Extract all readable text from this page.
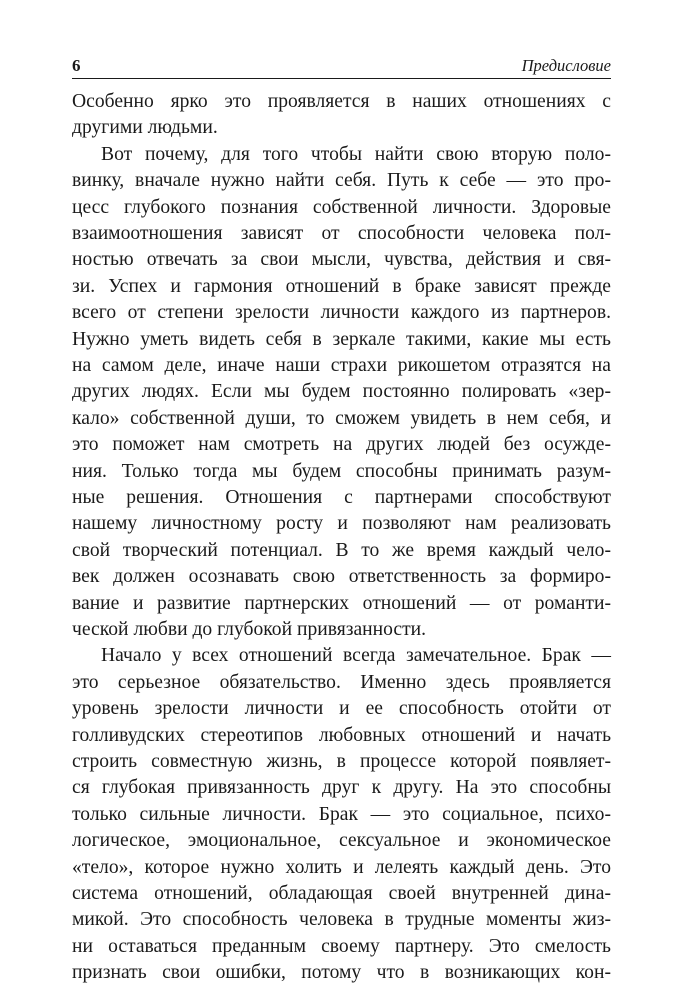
6	Предисловие
Особенно ярко это проявляется в наших отношениях с
другими людьми.
Вот почему, для того чтобы найти свою вторую поло-
винку, вначале нужно найти себя. Путь к себе — это про-
цесс глубокого познания собственной личности. Здоровые
взаимоотношения зависят от способности человека пол-
ностью отвечать за свои мысли, чувства, действия и свя-
зи. Успех и гармония отношений в браке зависят прежде
всего от степени зрелости личности каждого из партнеров.
Нужно уметь видеть себя в зеркале такими, какие мы есть
на самом деле, иначе наши страхи рикошетом отразятся на
других людях. Если мы будем постоянно полировать «зер-
кало» собственной души, то сможем увидеть в нем себя, и
это поможет нам смотреть на других людей без осужде-
ния. Только тогда мы будем способны принимать разум-
ные решения. Отношения с партнерами способствуют
нашему личностному росту и позволяют нам реализовать
свой творческий потенциал. В то же время каждый чело-
век должен осознавать свою ответственность за формиро-
вание и развитие партнерских отношений — от романти-
ческой любви до глубокой привязанности.
Начало у всех отношений всегда замечательное. Брак —
это серьезное обязательство. Именно здесь проявляется
уровень зрелости личности и ее способность отойти от
голливудских стереотипов любовных отношений и начать
строить совместную жизнь, в процессе которой появляет-
ся глубокая привязанность друг к другу. На это способны
только сильные личности. Брак — это социальное, психо-
логическое, эмоциональное, сексуальное и экономическое
«тело», которое нужно холить и лелеять каждый день. Это
система отношений, обладающая своей внутренней дина-
микой. Это способность человека в трудные моменты жиз-
ни оставаться преданным своему партнеру. Это смелость
признать свои ошибки, потому что в возникающих кон-
